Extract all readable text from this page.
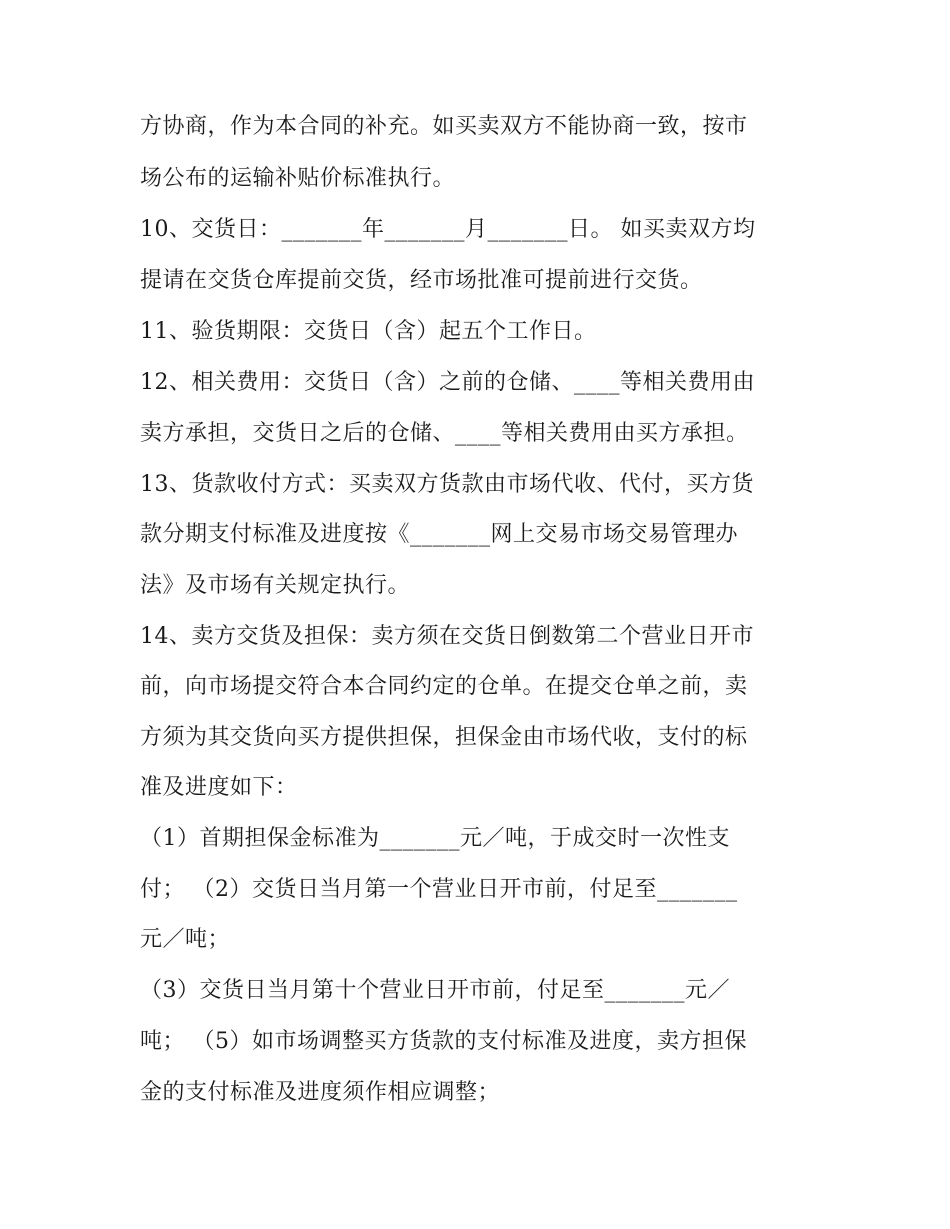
方协商，作为本合同的补充。如买卖双方不能协商一致，按市
场公布的运输补贴价标准执行。
10、交货日：_______年_______月_______日。 如买卖双方均
提请在交货仓库提前交货，经市场批准可提前进行交货。
11、验货期限：交货日（含）起五个工作日。
12、相关费用：交货日（含）之前的仓储、____等相关费用由
卖方承担，交货日之后的仓储、____等相关费用由买方承担。
13、货款收付方式：买卖双方货款由市场代收、代付，买方货
款分期支付标准及进度按《_______网上交易市场交易管理办
法》及市场有关规定执行。
14、卖方交货及担保：卖方须在交货日倒数第二个营业日开市
前，向市场提交符合本合同约定的仓单。在提交仓单之前，卖
方须为其交货向买方提供担保，担保金由市场代收，支付的标
准及进度如下：
（1）首期担保金标准为_______元／吨，于成交时一次性支
付； （2）交货日当月第一个营业日开市前，付足至_______
元／吨；
（3）交货日当月第十个营业日开市前，付足至_______元／
吨； （5）如市场调整买方货款的支付标准及进度，卖方担保
金的支付标准及进度须作相应调整；
